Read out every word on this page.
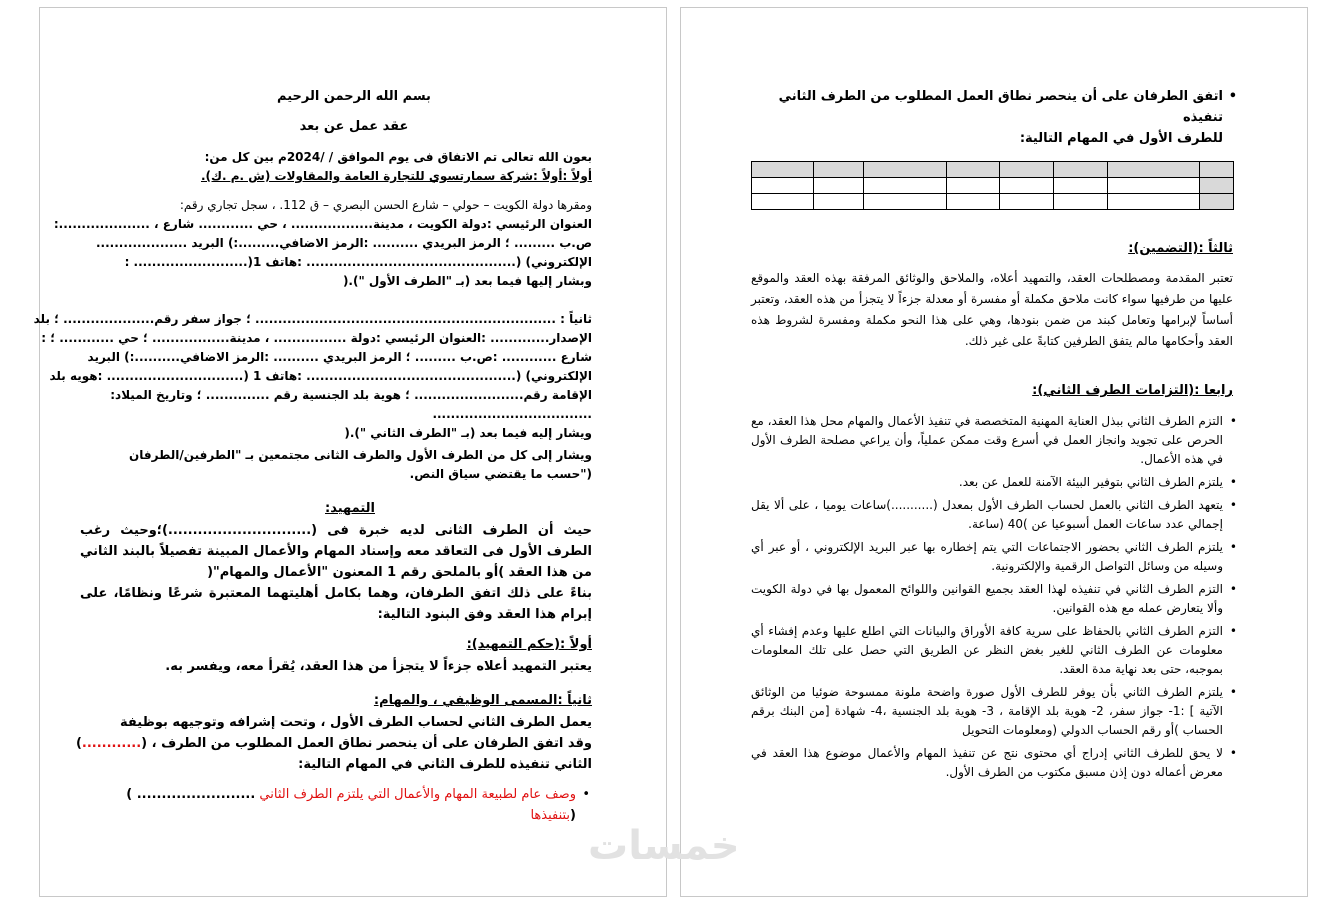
بسم الله الرحمن الرحيم
عقد عمل عن بعد
بعون الله تعالى تم الاتفاق فى يوم الموافق / /2024م بين كل من:
أولاً :أولاً :شركة سمارتسوي للتجارة العامة والمقاولات (ش .م .ك).
ومقرها دولة الكويت – حولي – شارع الحسن البصري – ق 112. ، سجل تجاري رقم:
العنوان الرئيسي :دولة الكويت ، مدينة.................. ، حي ............ شارع ، ....................:
ص.ب ......... ؛ الرمز البريدي .......... :الرمز الاضافي.........:) البريد ....................
الإلكتروني) (.............................................. :هاتف 1(......................... :
وبشار إليها فيما بعد (بـ "الطرف الأول ").(
ثانياً : .................................................................. ؛ جواز سفر رقم.................... ؛ بلد
الإصدار............. :العنوان الرئيسي :دولة ................ ، مدينة................. ؛ حي ............ ؛ :
شارع ............ :ص.ب ......... ؛ الرمز البريدي .......... :الرمز الاضافي..........:) البريد
الإلكتروني) (.............................................. :هاتف 1 (.............................. :هويه بلد
الإقامة رقم........................ ؛ هوية بلد الجنسية رقم .............. ؛ وتاريخ الميلاد:
...................................
ويشار إليه فيما بعد (بـ "الطرف الثاني ").(
ويشار إلى كل من الطرف الأول والطرف الثانى مجتمعين بـ "الطرفين/الطرفان ("حسب ما يقتضي سياق النص.
التمهيد:
حيث أن الطرف الثانى لديه خبرة فى (.............................)؛وحيث رغب الطرف الأول فى التعاقد معه وإسناد المهام والأعمال المبينة تفصيلاً بالبند الثاني من هذا العقد )أو بالملحق رقم 1 المعنون "الأعمال والمهام"(
بناءً على ذلك اتفق الطرفان، وهما بكامل أهليتهما المعتبرة شرعًا ونظامًا، على إبرام هذا العقد وفق البنود التالية:
أولاً :(حكم التمهيد):
يعتبر التمهيد أعلاه جزءاً لا يتجزأ من هذا العقد، يُقرأ معه، ويفسر به.
ثانياً :المسمى الوظيفي ، والمهام:
يعمل الطرف الثاني لحساب الطرف الأول ، وتحت إشرافه وتوجيهه بوظيفة
وقد اتفق الطرفان على أن ينحصر نطاق العمل المطلوب من الطرف ، (............)
الثاني تنفيذه للطرف الثاني في المهام التالية:
• وصف عام لطبيعة المهام والأعمال التي يلتزم الطرف الثاني ........................ )
(بتنفيذها
• اتفق الطرفان على أن ينحصر نطاق العمل المطلوب من الطرف الثاني تنفيذه
للطرف الأول في المهام التالية:

ثالثاً :(التضمين):
تعتبر المقدمة ومصطلحات العقد، والتمهيد أعلاه، والملاحق والوثائق المرفقة بهذه العقد والموقع عليها من طرفيها سواء كانت ملاحق مكملة أو مفسرة أو معدلة جزءاً لا يتجزأ من هذه العقد، وتعتبر أساساً لإبرامها وتعامل كبند من ضمن بنودها، وهي على هذا النحو مكملة ومفسرة لشروط هذه العقد وأحكامها مالم يتفق الطرفين كتابةً على غير ذلك.
رابعا :(التزامات الطرف الثاني):
• التزم الطرف الثاني ببذل العناية المهنية المتخصصة في تنفيذ الأعمال والمهام محل هذا العقد، مع الحرص على تجويد وانجاز العمل في أسرع وقت ممكن عملياً، وأن يراعي مصلحة الطرف الأول في هذه الأعمال.
• يلتزم الطرف الثاني بتوفير البيئة الآمنة للعمل عن بعد.
• يتعهد الطرف الثاني بالعمل لحساب الطرف الأول بمعدل (...........)ساعات يوميا ، على ألا يقل إجمالي عدد ساعات العمل أسبوعيا عن )40 (ساعة.
• يلتزم الطرف الثاني بحضور الاجتماعات التي يتم إخطاره بها عبر البريد الإلكتروني ، أو عبر أي وسيله من وسائل التواصل الرقمية والإلكترونية.
• التزم الطرف الثاني في تنفيذه لهذا العقد بجميع القوانين واللوائح المعمول بها في دولة الكويت وألا يتعارض عمله مع هذه القوانين.
• التزم الطرف الثاني بالحفاظ على سرية كافة الأوراق والبيانات التي اطلع عليها وعدم إفشاء أي معلومات عن الطرف الثاني للغير بغض النظر عن الطريق التي حصل على تلك المعلومات بموجبه، حتى بعد نهاية مدة العقد.
• يلتزم الطرف الثاني بأن يوفر للطرف الأول صورة واضحة ملونة ممسوحة ضوئيا من الوثائق الآتية ] :1- جواز سفر، 2- هوية بلد الإقامة ، 3- هوية بلد الجنسية ،4- شهادة [من البنك برقم الحساب )أو رقم الحساب الدولي (ومعلومات التحويل
• لا يحق للطرف الثاني إدراج أي محتوى نتج عن تنفيذ المهام والأعمال موضوع هذا العقد في معرض أعماله دون إذن مسبق مكتوب من الطرف الأول.
خمسات
